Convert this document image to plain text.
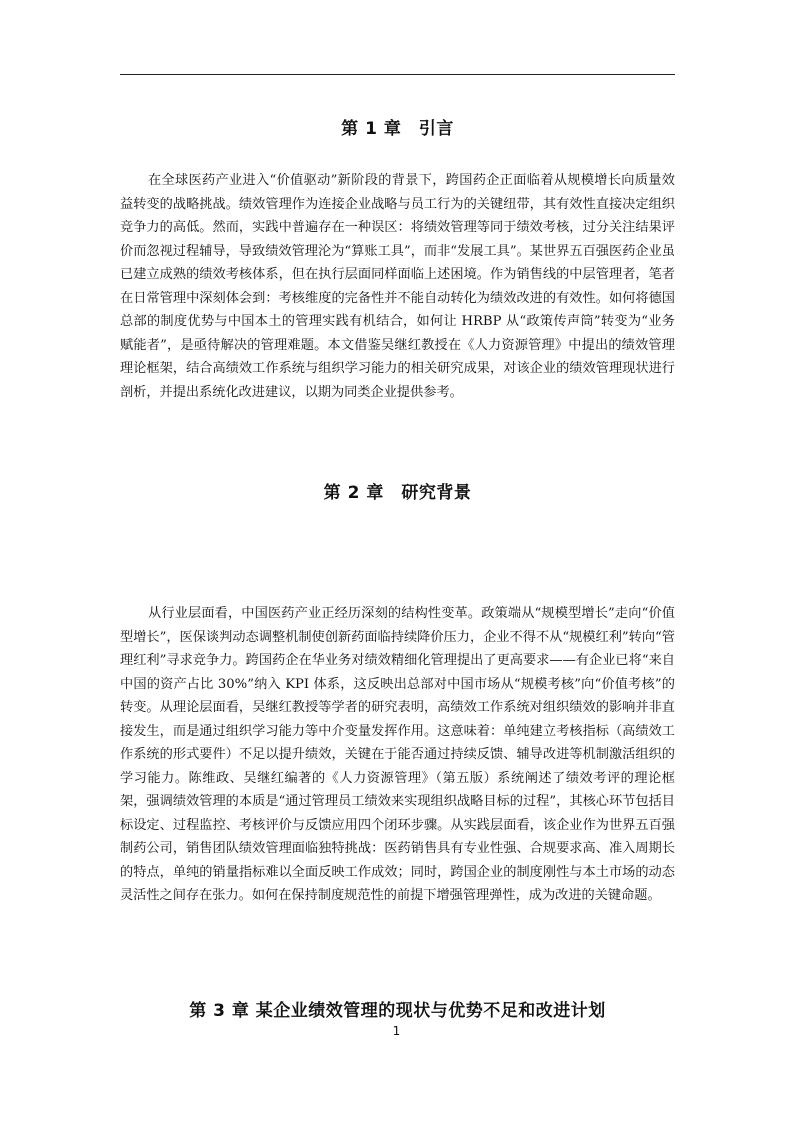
第 1 章　引言

在全球医药产业进入“价值驱动”新阶段的背景下，跨国药企正面临着从规模增长向质量效益转变的战略挑战。绩效管理作为连接企业战略与员工行为的关键纽带，其有效性直接决定组织竞争力的高低。然而，实践中普遍存在一种误区：将绩效管理等同于绩效考核，过分关注结果评价而忽视过程辅导，导致绩效管理沦为“算账工具”，而非“发展工具”。某世界五百强医药企业虽已建立成熟的绩效考核体系，但在执行层面同样面临上述困境。作为销售线的中层管理者，笔者在日常管理中深刻体会到：考核维度的完备性并不能自动转化为绩效改进的有效性。如何将德国总部的制度优势与中国本土的管理实践有机结合，如何让 HRBP 从“政策传声筒”转变为“业务赋能者”，是亟待解决的管理难题。本文借鉴吴继红教授在《人力资源管理》中提出的绩效管理理论框架，结合高绩效工作系统与组织学习能力的相关研究成果，对该企业的绩效管理现状进行剖析，并提出系统化改进建议，以期为同类企业提供参考。

第 2 章　研究背景

从行业层面看，中国医药产业正经历深刻的结构性变革。政策端从“规模型增长”走向“价值型增长”，医保谈判动态调整机制使创新药面临持续降价压力，企业不得不从“规模红利”转向“管理红利”寻求竞争力。跨国药企在华业务对绩效精细化管理提出了更高要求——有企业已将“来自中国的资产占比 30%”纳入 KPI 体系，这反映出总部对中国市场从“规模考核”向“价值考核”的转变。从理论层面看，吴继红教授等学者的研究表明，高绩效工作系统对组织绩效的影响并非直接发生，而是通过组织学习能力等中介变量发挥作用。这意味着：单纯建立考核指标（高绩效工作系统的形式要件）不足以提升绩效，关键在于能否通过持续反馈、辅导改进等机制激活组织的学习能力。陈维政、吴继红编著的《人力资源管理》（第五版）系统阐述了绩效考评的理论框架，强调绩效管理的本质是“通过管理员工绩效来实现组织战略目标的过程”，其核心环节包括目标设定、过程监控、考核评价与反馈应用四个闭环步骤。从实践层面看，该企业作为世界五百强制药公司，销售团队绩效管理面临独特挑战：医药销售具有专业性强、合规要求高、准入周期长的特点，单纯的销量指标难以全面反映工作成效；同时，跨国企业的制度刚性与本土市场的动态灵活性之间存在张力。如何在保持制度规范性的前提下增强管理弹性，成为改进的关键命题。

第 3 章 某企业绩效管理的现状与优势不足和改进计划
1
